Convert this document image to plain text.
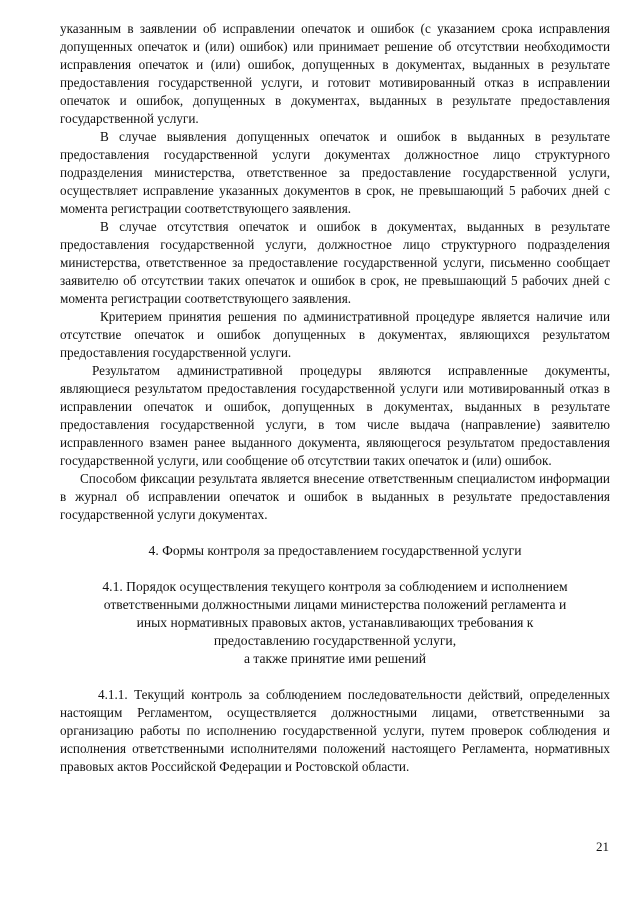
указанным в заявлении об исправлении опечаток и ошибок (с указанием срока исправления допущенных опечаток и (или) ошибок) или принимает решение об отсутствии необходимости исправления опечаток и (или) ошибок, допущенных в документах, выданных в результате предоставления государственной услуги, и готовит мотивированный отказ в исправлении опечаток и ошибок, допущенных в документах, выданных в результате предоставления государственной услуги.

В случае выявления допущенных опечаток и ошибок в выданных в результате предоставления государственной услуги документах должностное лицо структурного подразделения министерства, ответственное за предоставление государственной услуги, осуществляет исправление указанных документов в срок, не превышающий 5 рабочих дней с момента регистрации соответствующего заявления.

В случае отсутствия опечаток и ошибок в документах, выданных в результате предоставления государственной услуги, должностное лицо структурного подразделения министерства, ответственное за предоставление государственной услуги, письменно сообщает заявителю об отсутствии таких опечаток и ошибок в срок, не превышающий 5 рабочих дней с момента регистрации соответствующего заявления.

Критерием принятия решения по административной процедуре является наличие или отсутствие опечаток и ошибок допущенных в документах, являющихся результатом предоставления государственной услуги.

Результатом административной процедуры являются исправленные документы, являющиеся результатом предоставления государственной услуги или мотивированный отказ в исправлении опечаток и ошибок, допущенных в документах, выданных в результате предоставления государственной услуги, в том числе выдача (направление) заявителю исправленного взамен ранее выданного документа, являющегося результатом предоставления государственной услуги, или сообщение об отсутствии таких опечаток и (или) ошибок.

Способом фиксации результата является внесение ответственным специалистом информации в журнал об исправлении опечаток и ошибок в выданных в результате предоставления государственной услуги документах.

4. Формы контроля за предоставлением государственной услуги

4.1. Порядок осуществления текущего контроля за соблюдением и исполнением
ответственными должностными лицами министерства положений регламента и
иных нормативных правовых актов, устанавливающих требования к
предоставлению государственной услуги,
а также принятие ими решений

4.1.1. Текущий контроль за соблюдением последовательности действий, определенных настоящим Регламентом, осуществляется должностными лицами, ответственными за организацию работы по исполнению государственной услуги, путем проверок соблюдения и исполнения ответственными исполнителями положений настоящего Регламента, нормативных правовых актов Российской Федерации и Ростовской области.

21
